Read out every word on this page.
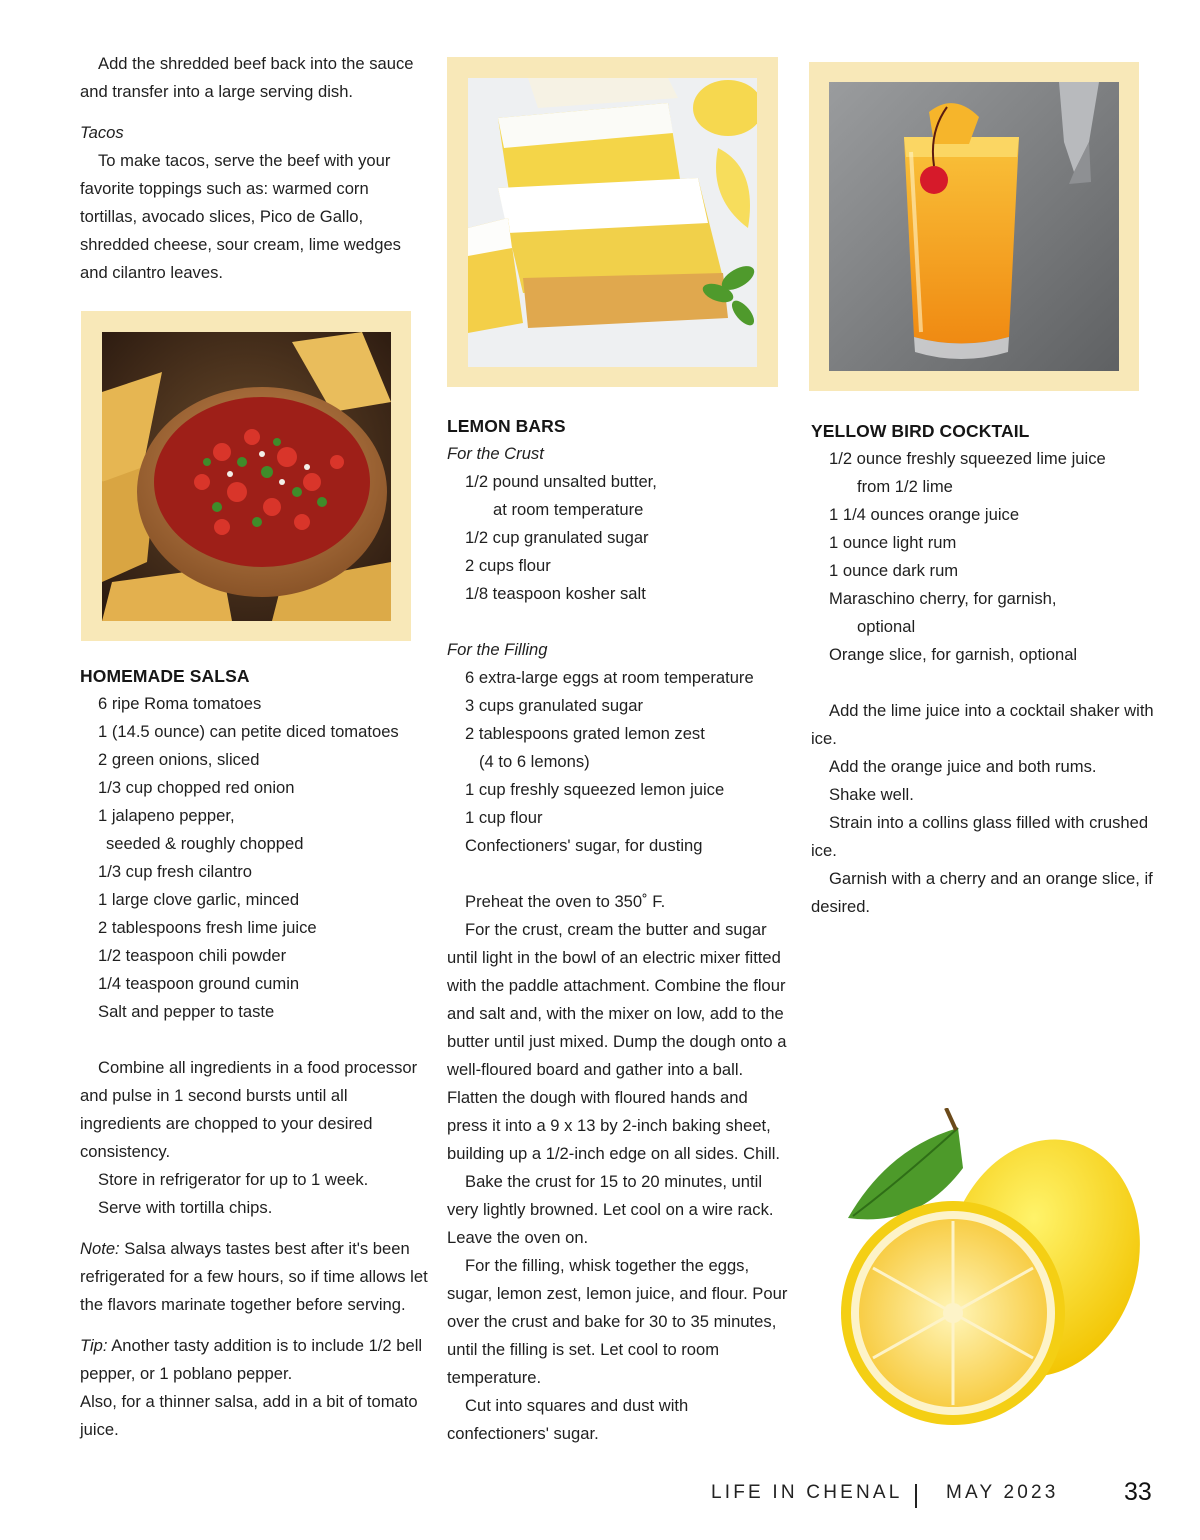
Add the shredded beef back into the sauce and transfer into a large serving dish.

Tacos

To make tacos, serve the beef with your favorite toppings such as: warmed corn tortillas, avocado slices, Pico de Gallo, shredded cheese, sour cream, lime wedges and cilantro leaves.

HOMEMADE SALSA

6 ripe Roma tomatoes

1 (14.5 ounce) can petite diced tomatoes

2 green onions, sliced

1/3 cup chopped red onion

1 jalapeno pepper,

seeded & roughly chopped

1/3 cup fresh cilantro

1 large clove garlic, minced

2 tablespoons fresh lime juice

1/2 teaspoon chili powder

1/4 teaspoon ground cumin

Salt and pepper to taste

Combine all ingredients in a food processor and pulse in 1 second bursts until all ingredients are chopped to your desired consistency.

Store in refrigerator for up to 1 week.

Serve with tortilla chips.

Note: Salsa always tastes best after it's been refrigerated for a few hours, so if time allows let the flavors marinate together before serving.

Tip: Another tasty addition is to include 1/2 bell pepper, or 1 poblano pepper.

Also, for a thinner salsa, add in a bit of tomato juice.

LEMON BARS

For the Crust

1/2 pound unsalted butter,

at room temperature

1/2 cup granulated sugar

2 cups flour

1/8 teaspoon kosher salt

For the Filling

6 extra-large eggs at room temperature

3 cups granulated sugar

2 tablespoons grated lemon zest

(4 to 6 lemons)

1 cup freshly squeezed lemon juice

1 cup flour

Confectioners' sugar, for dusting

Preheat the oven to 350˚ F.

For the crust, cream the butter and sugar until light in the bowl of an electric mixer fitted with the paddle attachment. Combine the flour and salt and, with the mixer on low, add to the butter until just mixed. Dump the dough onto a well-floured board and gather into a ball. Flatten the dough with floured hands and press it into a 9 x 13 by 2-inch baking sheet, building up a 1/2-inch edge on all sides. Chill.

Bake the crust for 15 to 20 minutes, until very lightly browned. Let cool on a wire rack. Leave the oven on.

For the filling, whisk together the eggs, sugar, lemon zest, lemon juice, and flour. Pour over the crust and bake for 30 to 35 minutes, until the filling is set. Let cool to room temperature.

Cut into squares and dust with confectioners' sugar.

YELLOW BIRD COCKTAIL

1/2 ounce freshly squeezed lime juice

from 1/2 lime

1 1/4 ounces orange juice

1 ounce light rum

1 ounce dark rum

Maraschino cherry, for garnish,

optional

Orange slice, for garnish, optional

Add the lime juice into a cocktail shaker with ice.

Add the orange juice and both rums.

Shake well.

Strain into a collins glass filled with crushed ice.

Garnish with a cherry and an orange slice, if desired.

LIFE IN CHENAL MAY 2023	33
